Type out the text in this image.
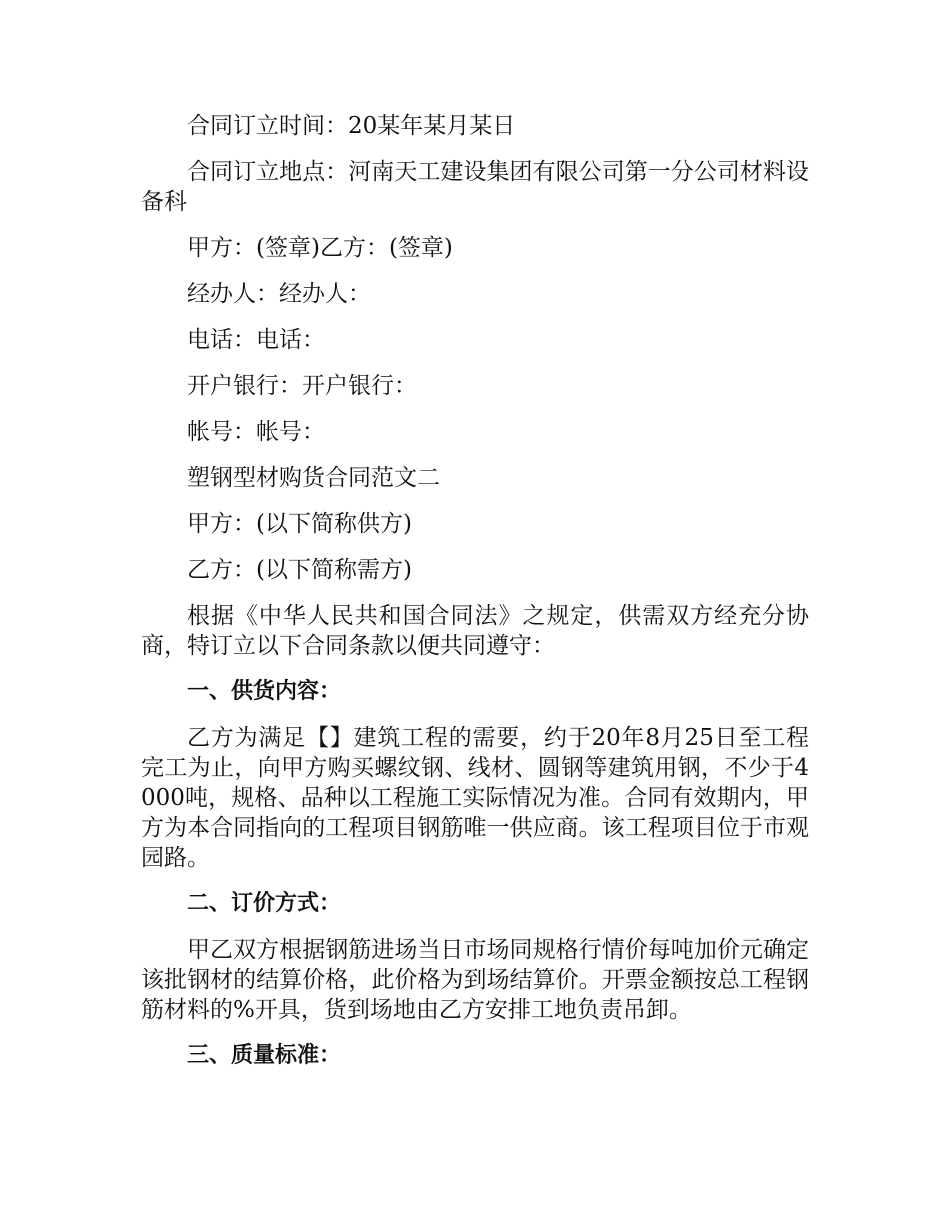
合同订立时间：20某年某月某日

合同订立地点：河南天工建设集团有限公司第一分公司材料设备科

甲方：(签章)乙方：(签章)

经办人：经办人：

电话：电话：

开户银行：开户银行：

帐号：帐号：

塑钢型材购货合同范文二

甲方：(以下简称供方)

乙方：(以下简称需方)

根据《中华人民共和国合同法》之规定，供需双方经充分协商，特订立以下合同条款以便共同遵守：

一、供货内容：

乙方为满足【】建筑工程的需要，约于20年8月25日至工程完工为止，向甲方购买螺纹钢、线材、圆钢等建筑用钢，不少于4000吨，规格、品种以工程施工实际情况为准。合同有效期内，甲方为本合同指向的工程项目钢筋唯一供应商。该工程项目位于市观园路。

二、订价方式：

甲乙双方根据钢筋进场当日市场同规格行情价每吨加价元确定该批钢材的结算价格，此价格为到场结算价。开票金额按总工程钢筋材料的%开具，货到场地由乙方安排工地负责吊卸。

三、质量标准：
